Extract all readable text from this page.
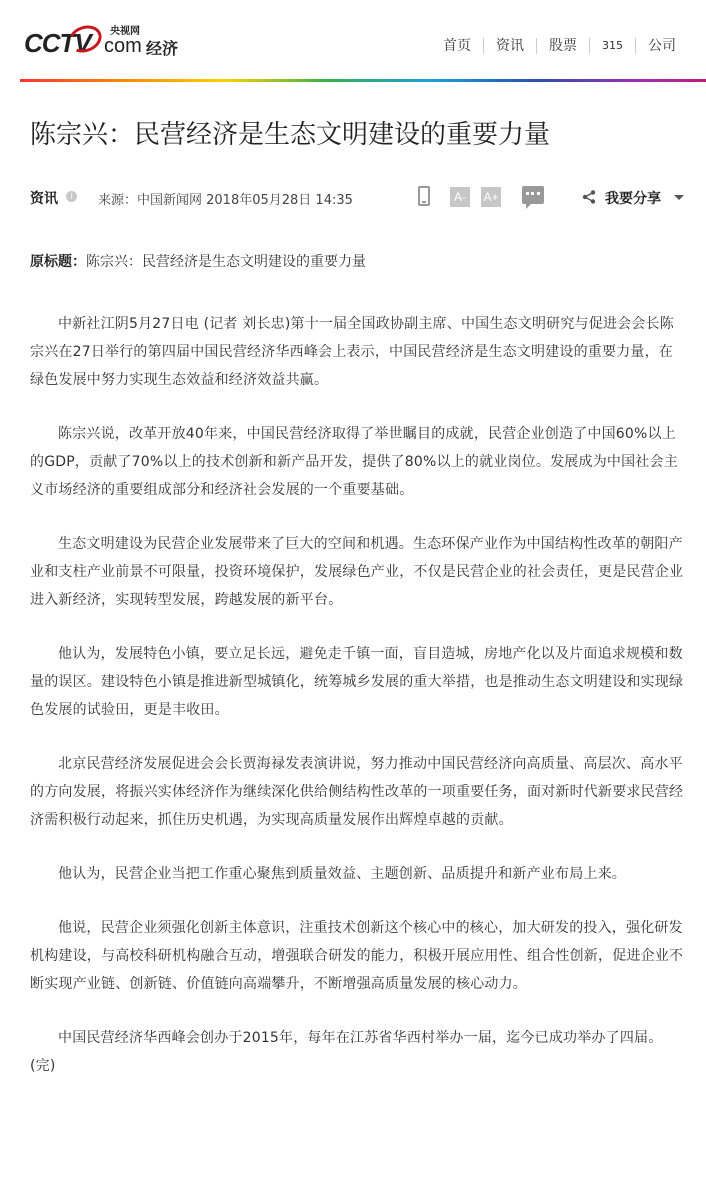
CCTV 央视网
com 经济	首页	资讯	股票	315	公司
陈宗兴：民营经济是生态文明建设的重要力量
资讯	i	来源：中国新闻网 2018年05月28日 14:35	A-	A+	我要分享

原标题：陈宗兴：民营经济是生态文明建设的重要力量

中新社江阴5月27日电 (记者 刘长忠)第十一届全国政协副主席、中国生态文明研究与促进会会长陈宗兴在27日举行的第四届中国民营经济华西峰会上表示，中国民营经济是生态文明建设的重要力量，在绿色发展中努力实现生态效益和经济效益共赢。

陈宗兴说，改革开放40年来，中国民营经济取得了举世瞩目的成就，民营企业创造了中国60%以上的GDP，贡献了70%以上的技术创新和新产品开发，提供了80%以上的就业岗位。发展成为中国社会主义市场经济的重要组成部分和经济社会发展的一个重要基础。

生态文明建设为民营企业发展带来了巨大的空间和机遇。生态环保产业作为中国结构性改革的朝阳产业和支柱产业前景不可限量，投资环境保护，发展绿色产业，不仅是民营企业的社会责任，更是民营企业进入新经济，实现转型发展，跨越发展的新平台。

他认为，发展特色小镇，要立足长远，避免走千镇一面，盲目造城，房地产化以及片面追求规模和数量的误区。建设特色小镇是推进新型城镇化，统筹城乡发展的重大举措，也是推动生态文明建设和实现绿色发展的试验田，更是丰收田。

北京民营经济发展促进会会长贾海禄发表演讲说，努力推动中国民营经济向高质量、高层次、高水平的方向发展，将振兴实体经济作为继续深化供给侧结构性改革的一项重要任务，面对新时代新要求民营经济需积极行动起来，抓住历史机遇，为实现高质量发展作出辉煌卓越的贡献。

他认为，民营企业当把工作重心聚焦到质量效益、主题创新、品质提升和新产业布局上来。

他说，民营企业须强化创新主体意识，注重技术创新这个核心中的核心，加大研发的投入，强化研发机构建设，与高校科研机构融合互动，增强联合研发的能力，积极开展应用性、组合性创新，促进企业不断实现产业链、创新链、价值链向高端攀升，不断增强高质量发展的核心动力。

中国民营经济华西峰会创办于2015年，每年在江苏省华西村举办一届，迄今已成功举办了四届。(完)
